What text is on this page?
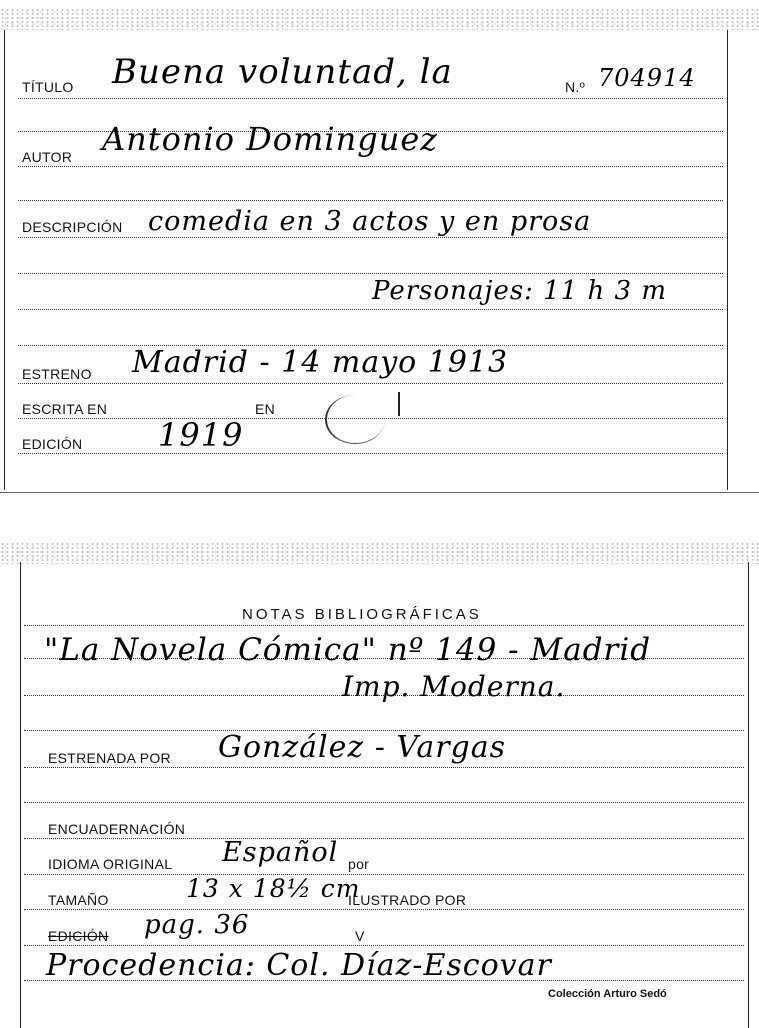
TÍTULO Buena voluntad, la	N.º 704914
AUTOR Antonio Dominguez
DESCRIPCIÓN comedia en 3 actos y en prosa
Personajes: 11 h 3 m
ESTRENO Madrid - 14 mayo 1913
ESCRITA EN	EN
EDICIÓN 1919
NOTAS BIBLIOGRÁFICAS
"La Novela Cómica" nº 149 - Madrid
Imp. Moderna.
ESTRENADA POR González - Vargas
ENCUADERNACIÓN
IDIOMA ORIGINAL Español por
TAMAÑO	13 x 18½ cm
ILUSTRADO POR
EDICIÓN pag. 36	V
Procedencia: Col. Díaz-Escovar
Colección Arturo Sedó
